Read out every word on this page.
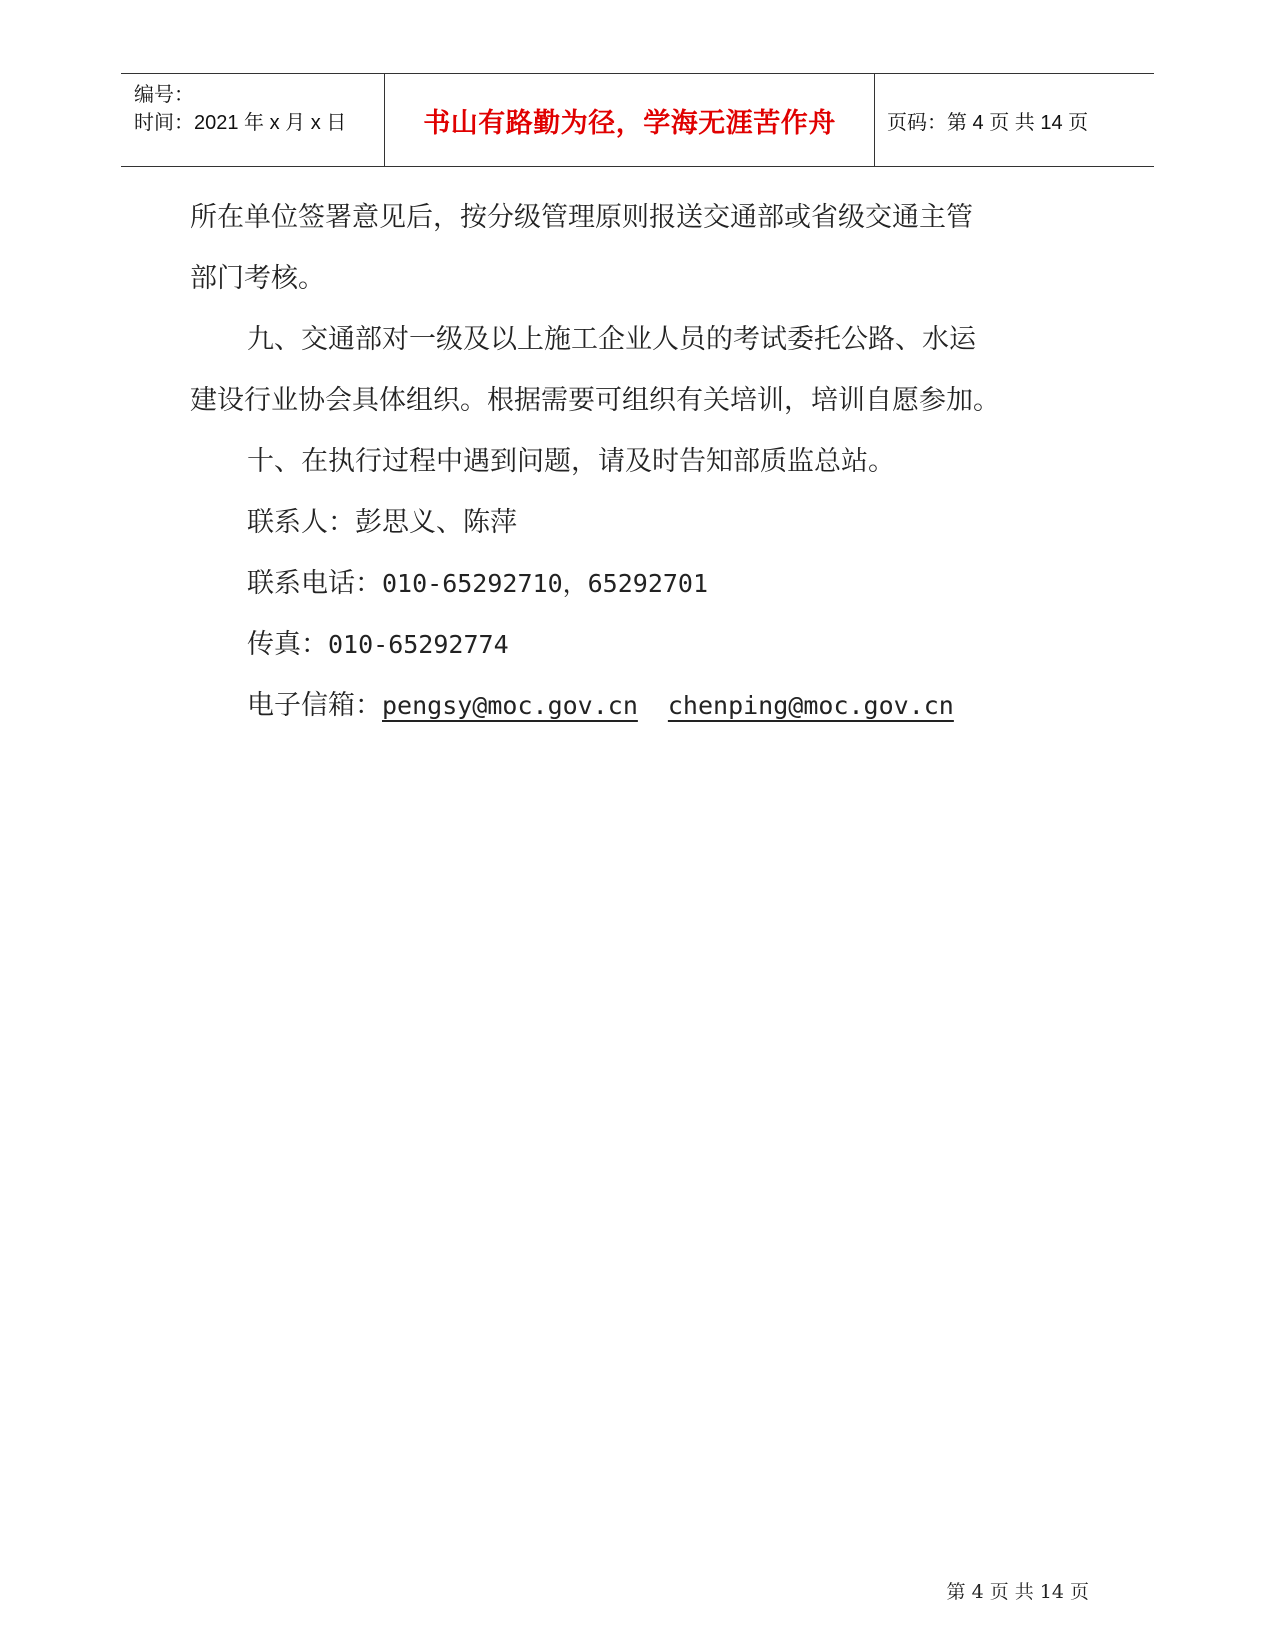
编号：
时间：2021 年 x 月 x 日	书山有路勤为径，学海无涯苦作舟	页码：第 4 页 共 14 页

所在单位签署意见后，按分级管理原则报送交通部或省级交通主管

部门考核。

九、交通部对一级及以上施工企业人员的考试委托公路、水运

建设行业协会具体组织。根据需要可组织有关培训，培训自愿参加。

十、在执行过程中遇到问题，请及时告知部质监总站。

联系人：彭思义、陈萍

联系电话：010-65292710，65292701

传真：010-65292774

电子信箱：pengsy@moc.gov.cn chenping@moc.gov.cn

第 4 页 共 14 页
